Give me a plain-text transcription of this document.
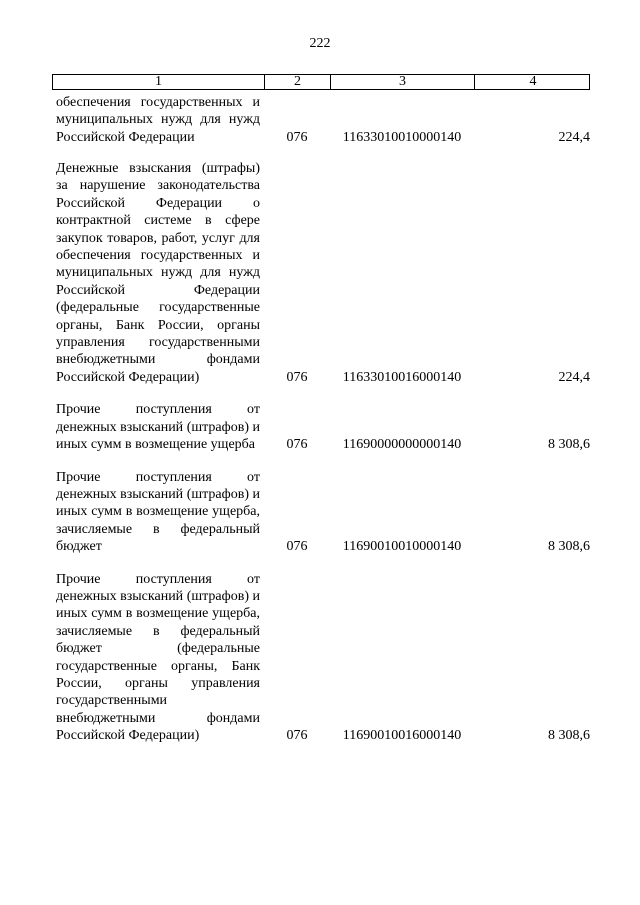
222
1	2	3	4
обеспечения государственных и муниципальных нужд для нужд Российской Федерации	076	11633010010000140	224,4
Денежные взыскания (штрафы) за нарушение законодательства Российской Федерации о контрактной системе в сфере закупок товаров, работ, услуг для обеспечения государственных и муниципальных нужд для нужд Российской Федерации (федеральные государственные органы, Банк России, органы управления государственными внебюджетными фондами Российской Федерации)	076	11633010016000140	224,4
Прочие поступления от денежных взысканий (штрафов) и иных сумм в возмещение ущерба	076	11690000000000140	8 308,6
Прочие поступления от денежных взысканий (штрафов) и иных сумм в возмещение ущерба, зачисляемые в федеральный бюджет	076	11690010010000140	8 308,6
Прочие поступления от денежных взысканий (штрафов) и иных сумм в возмещение ущерба, зачисляемые в федеральный бюджет (федеральные государственные органы, Банк России, органы управления государственными внебюджетными фондами Российской Федерации)	076	11690010016000140	8 308,6
